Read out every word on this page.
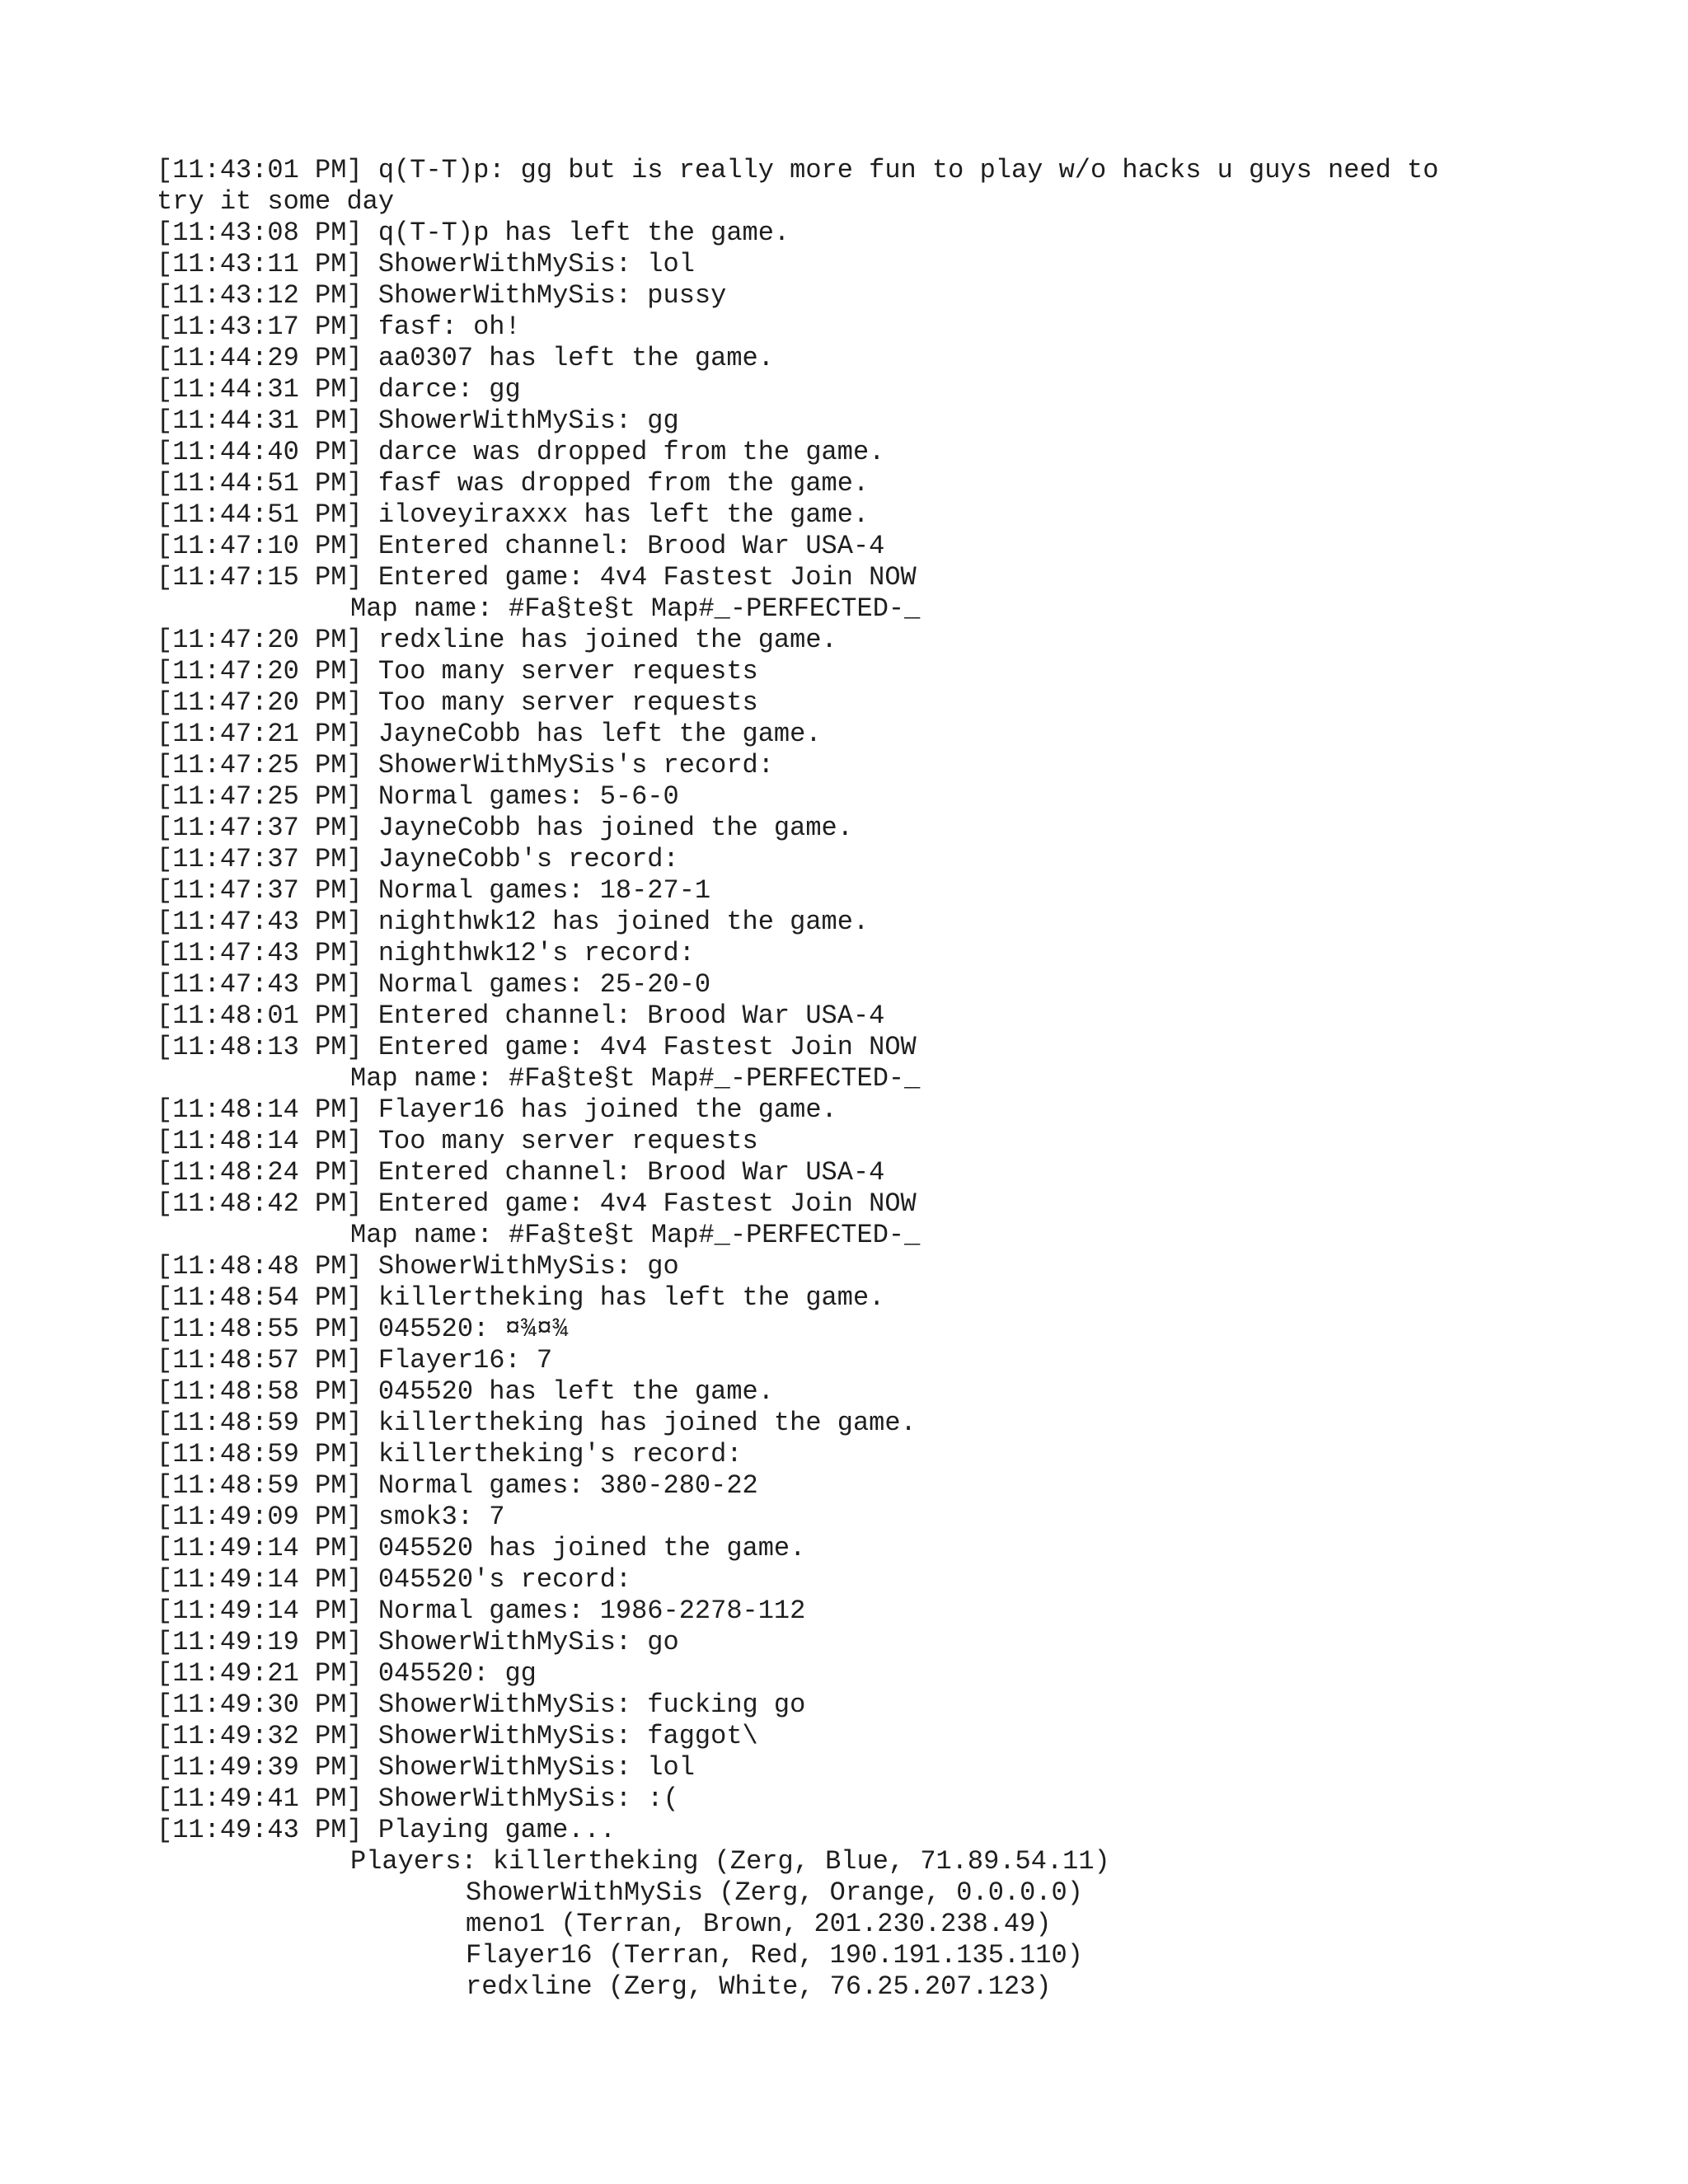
[11:43:01 PM] q(T-T)p: gg but is really more fun to play w/o hacks u guys need to
try it some day
[11:43:08 PM] q(T-T)p has left the game.
[11:43:11 PM] ShowerWithMySis: lol
[11:43:12 PM] ShowerWithMySis: pussy
[11:43:17 PM] fasf: oh!
[11:44:29 PM] aa0307 has left the game.
[11:44:31 PM] darce: gg
[11:44:31 PM] ShowerWithMySis: gg
[11:44:40 PM] darce was dropped from the game.
[11:44:51 PM] fasf was dropped from the game.
[11:44:51 PM] iloveyiraxxx has left the game.
[11:47:10 PM] Entered channel: Brood War USA-4
[11:47:15 PM] Entered game: 4v4 Fastest Join NOW
Map name: #Fa§te§t Map#_-PERFECTED-_
[11:47:20 PM] redxline has joined the game.
[11:47:20 PM] Too many server requests
[11:47:20 PM] Too many server requests
[11:47:21 PM] JayneCobb has left the game.
[11:47:25 PM] ShowerWithMySis's record:
[11:47:25 PM] Normal games: 5-6-0
[11:47:37 PM] JayneCobb has joined the game.
[11:47:37 PM] JayneCobb's record:
[11:47:37 PM] Normal games: 18-27-1
[11:47:43 PM] nighthwk12 has joined the game.
[11:47:43 PM] nighthwk12's record:
[11:47:43 PM] Normal games: 25-20-0
[11:48:01 PM] Entered channel: Brood War USA-4
[11:48:13 PM] Entered game: 4v4 Fastest Join NOW
Map name: #Fa§te§t Map#_-PERFECTED-_
[11:48:14 PM] Flayer16 has joined the game.
[11:48:14 PM] Too many server requests
[11:48:24 PM] Entered channel: Brood War USA-4
[11:48:42 PM] Entered game: 4v4 Fastest Join NOW
Map name: #Fa§te§t Map#_-PERFECTED-_
[11:48:48 PM] ShowerWithMySis: go
[11:48:54 PM] killertheking has left the game.
[11:48:55 PM] 045520: ¤¾¤¾
[11:48:57 PM] Flayer16: 7
[11:48:58 PM] 045520 has left the game.
[11:48:59 PM] killertheking has joined the game.
[11:48:59 PM] killertheking's record:
[11:48:59 PM] Normal games: 380-280-22
[11:49:09 PM] smok3: 7
[11:49:14 PM] 045520 has joined the game.
[11:49:14 PM] 045520's record:
[11:49:14 PM] Normal games: 1986-2278-112
[11:49:19 PM] ShowerWithMySis: go
[11:49:21 PM] 045520: gg
[11:49:30 PM] ShowerWithMySis: fucking go
[11:49:32 PM] ShowerWithMySis: faggot\
[11:49:39 PM] ShowerWithMySis: lol
[11:49:41 PM] ShowerWithMySis: :(
[11:49:43 PM] Playing game...
Players: killertheking (Zerg, Blue, 71.89.54.11)
ShowerWithMySis (Zerg, Orange, 0.0.0.0)
meno1 (Terran, Brown, 201.230.238.49)
Flayer16 (Terran, Red, 190.191.135.110)
redxline (Zerg, White, 76.25.207.123)
